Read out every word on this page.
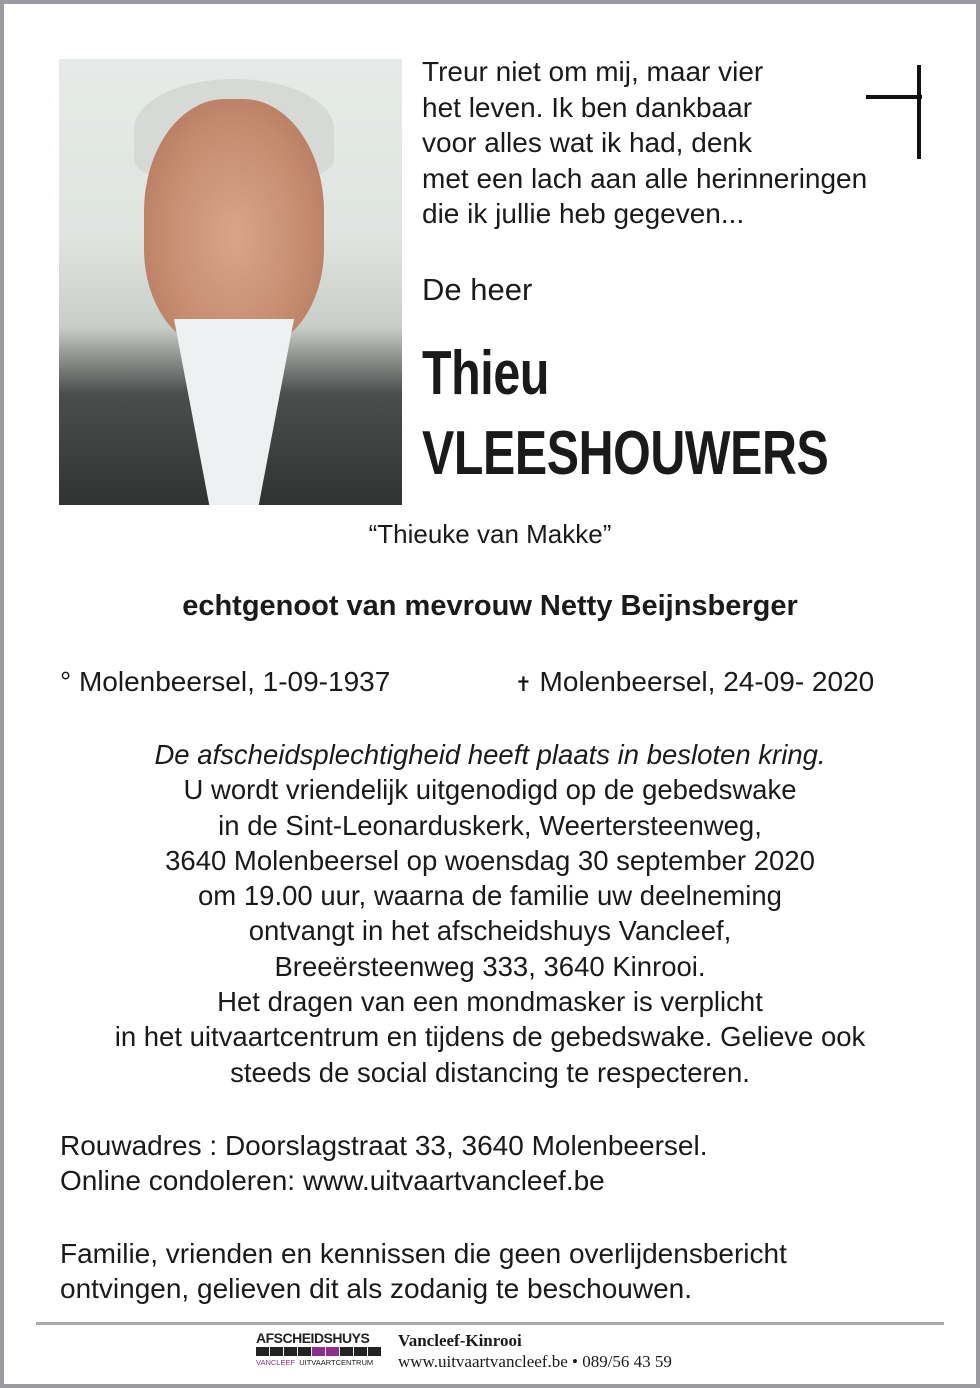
Treur niet om mij, maar vier
het leven. Ik ben dankbaar
voor alles wat ik had, denk
met een lach aan alle herinneringen
die ik jullie heb gegeven...
De heer
Thieu
VLEESHOUWERS
“Thieuke van Makke”
echtgenoot van mevrouw Netty Beijnsberger
° Molenbeersel, 1-09-1937	✝ Molenbeersel, 24-09- 2020
De afscheidsplechtigheid heeft plaats in besloten kring.
U wordt vriendelijk uitgenodigd op de gebedswake
in de Sint-Leonarduskerk, Weertersteenweg,
3640 Molenbeersel op woensdag 30 september 2020
om 19.00 uur, waarna de familie uw deelneming
ontvangt in het afscheidshuys Vancleef,
Breeërsteenweg 333, 3640 Kinrooi.
Het dragen van een mondmasker is verplicht
in het uitvaartcentrum en tijdens de gebedswake. Gelieve ook
steeds de social distancing te respecteren.
Rouwadres : Doorslagstraat 33, 3640 Molenbeersel.
Online condoleren: www.uitvaartvancleef.be
Familie, vrienden en kennissen die geen overlijdensbericht
ontvingen, gelieven dit als zodanig te beschouwen.
AFSCHEIDSHUYS
VANCLEEF UITVAARTCENTRUM
Vancleef-Kinrooi
www.uitvaartvancleef.be • 089/56 43 59
